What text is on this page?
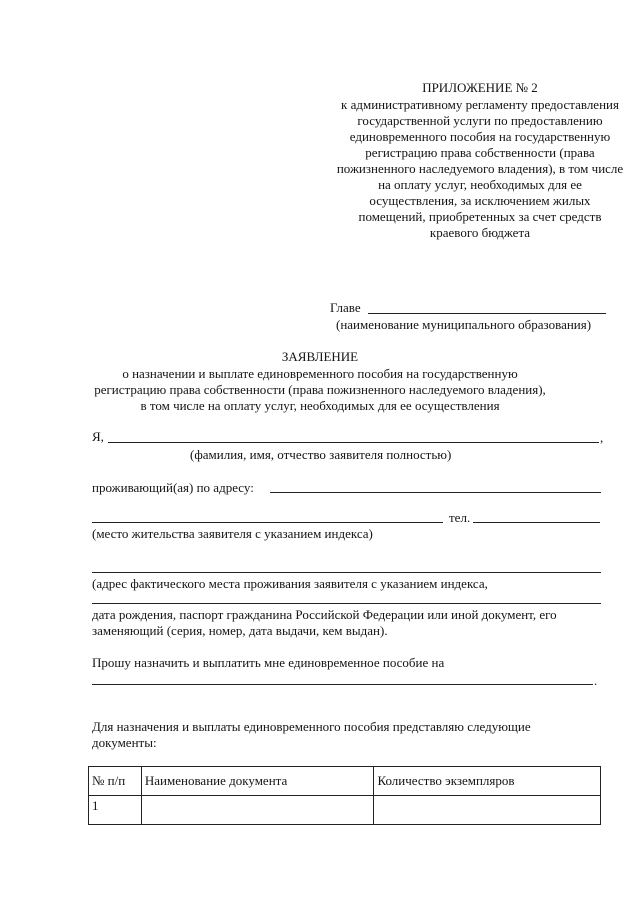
ПРИЛОЖЕНИЕ № 2
к административному регламенту предоставления государственной услуги по предоставлению единовременного пособия на государственную регистрацию права собственности (права пожизненного наследуемого владения), в том числе на оплату услуг, необходимых для ее осуществления, за исключением жилых помещений, приобретенных за счет средств краевого бюджета
Главе
(наименование муниципального образования)
ЗАЯВЛЕНИЕ
о назначении и выплате единовременного пособия на государственную
регистрацию права собственности (права пожизненного наследуемого владения),
в том числе на оплату услуг, необходимых для ее осуществления
Я,	,
(фамилия, имя, отчество заявителя полностью)
проживающий(ая) по адресу:
тел.
(место жительства заявителя с указанием индекса)
(адрес фактического места проживания заявителя с указанием индекса,
дата рождения, паспорт гражданина Российской Федерации или иной документ, его
заменяющий (серия, номер, дата выдачи, кем выдан).
Прошу назначить и выплатить мне единовременное пособие на
.
Для назначения и выплаты единовременного пособия представляю следующие
документы:
№ п/п	Наименование документа	Количество экземпляров
1		
